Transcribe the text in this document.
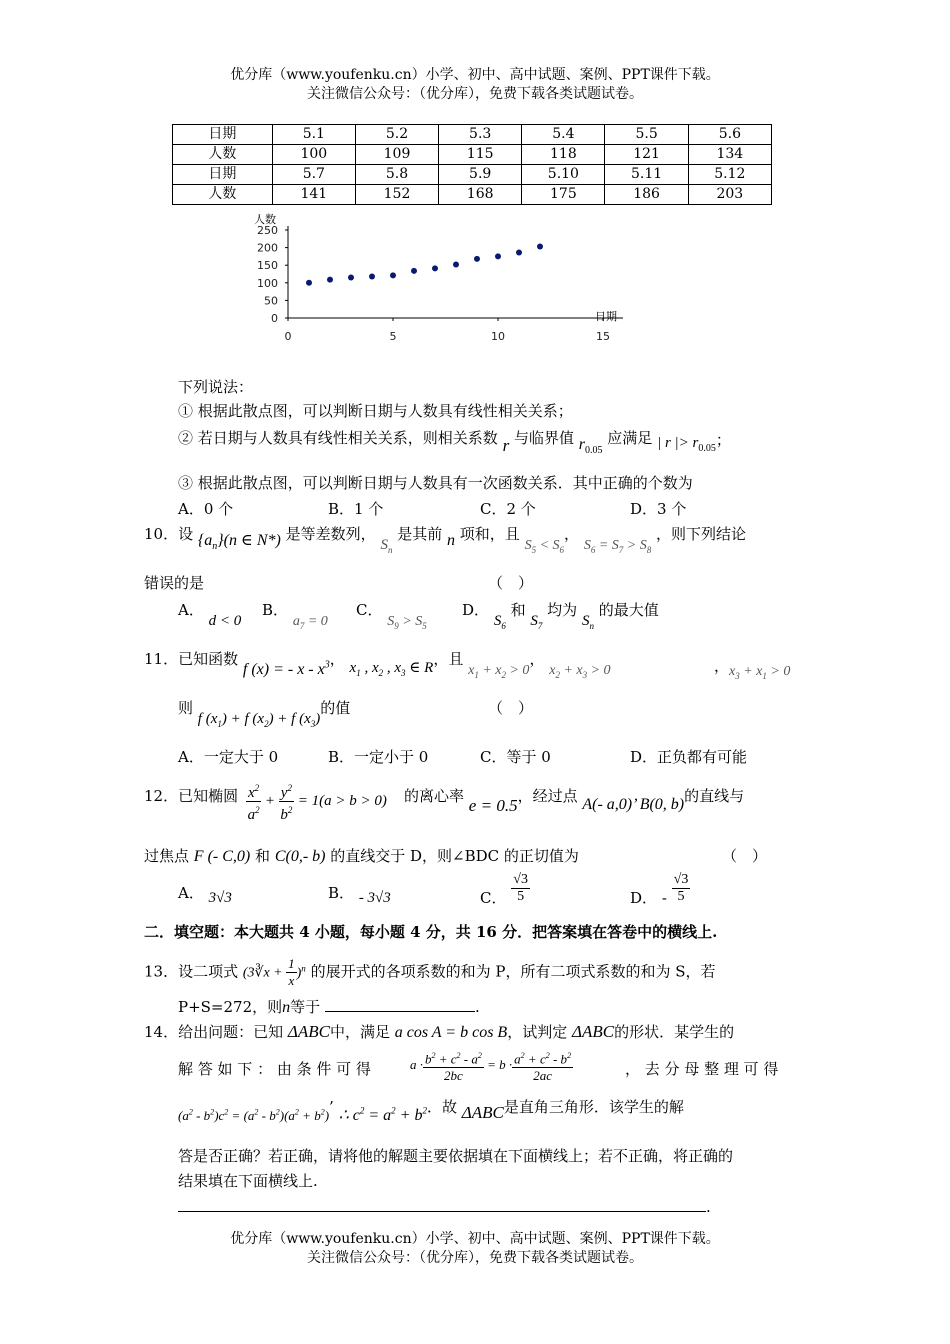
优分库（www.youfenku.cn）小学、初中、高中试题、案例、PPT课件下载。
关注微信公众号：（优分库），免费下载各类试题试卷。
日期	5.1	5.2	5.3	5.4	5.5	5.6
人数	100	109	115	118	121	134
日期	5.7	5.8	5.9	5.10	5.11	5.12
人数	141	152	168	175	186	203
人数
日期
0
50
100
150
200
250
0	5	10	15
下列说法：
① 根据此散点图，可以判断日期与人数具有线性相关关系；
② 若日期与人数具有线性相关关系，则相关系数 r 与临界值 $r_{0.05}$ 应满足 | r |> $r_{0.05}$；
③ 根据此散点图，可以判断日期与人数具有一次函数关系．其中正确的个数为
A．0 个	B．1 个	C．2 个	D．3 个
10．设 $\{a_n\}(n$ ∈ N*) 是等差数列， $S_n$ 是其前 n 项和，且 $S_5 < S_6$， $S_6 = S_7 > S_8$ ，则下列结论
错误的是	（　）
A． d < 0
B． $a_7 = 0$
C． $S_9 > S_5$
D． $S_6$ 和 $S_7$ 均为 $S_n$ 的最大值
11．已知函数 f (x) = - x - $x^3$， $x_1$ , $x_2$ , $x_3$ ∈ R，且 $x_1 + x_2 > 0$， $x_2 + x_3 > 0$	，$x_3 + x_1 > 0$
则 f $(x_1) + f$ $(x_2) + f$ $(x_3)$的值	（　）
A．一定大于 0	B．一定小于 0	C．等于 0	D．正负都有可能
12．已知椭圆 $\frac{x^2}{a^2} + \frac{y^2}{b^2} = 1(a > b > 0)$ 的离心率 e = 0.5，经过点 A(- a,0)’ B(0, b)的直线与
过焦点 F (- C,0) 和 C(0,- b) 的直线交于 D，则∠BDC 的正切值为	（　）
A． 3√3	B． - 3√3	C． $\frac{√3}{5}$	D． - $\frac{√3}{5}$
二．填空题：本大题共 4 小题，每小题 4 分，共 16 分．把答案填在答卷中的横线上.
13．设二项式 (3∛x + $\frac{1}{x} )^n$ 的展开式的各项系数的和为 P，所有二项式系数的和为 S，若
P+S=272，则n等于	.
14．给出问题：已知 ΔABC中，满足 a cos A = b cos B，试判定 ΔABC的形状．某学生的
解 答 如 下 ： 由 条 件 可 得	$a \cdot \frac{b^2 + c^2 - a^2}{2bc} = b \cdot \frac{a^2 + c^2 - b^2}{2ac}$	， 去 分 母 整 理 可 得
$(a^2 - b^2)c^2 = (a^2 - b^2)(a^2 + b^2)$’ ∴ $c^2 = a^2 + b^2$．故 ΔABC是直角三角形．该学生的解
答是否正确？若正确，请将他的解题主要依据填在下面横线上；若不正确，将正确的
结果填在下面横线上.
.
优分库（www.youfenku.cn）小学、初中、高中试题、案例、PPT课件下载。
关注微信公众号：（优分库），免费下载各类试题试卷。
